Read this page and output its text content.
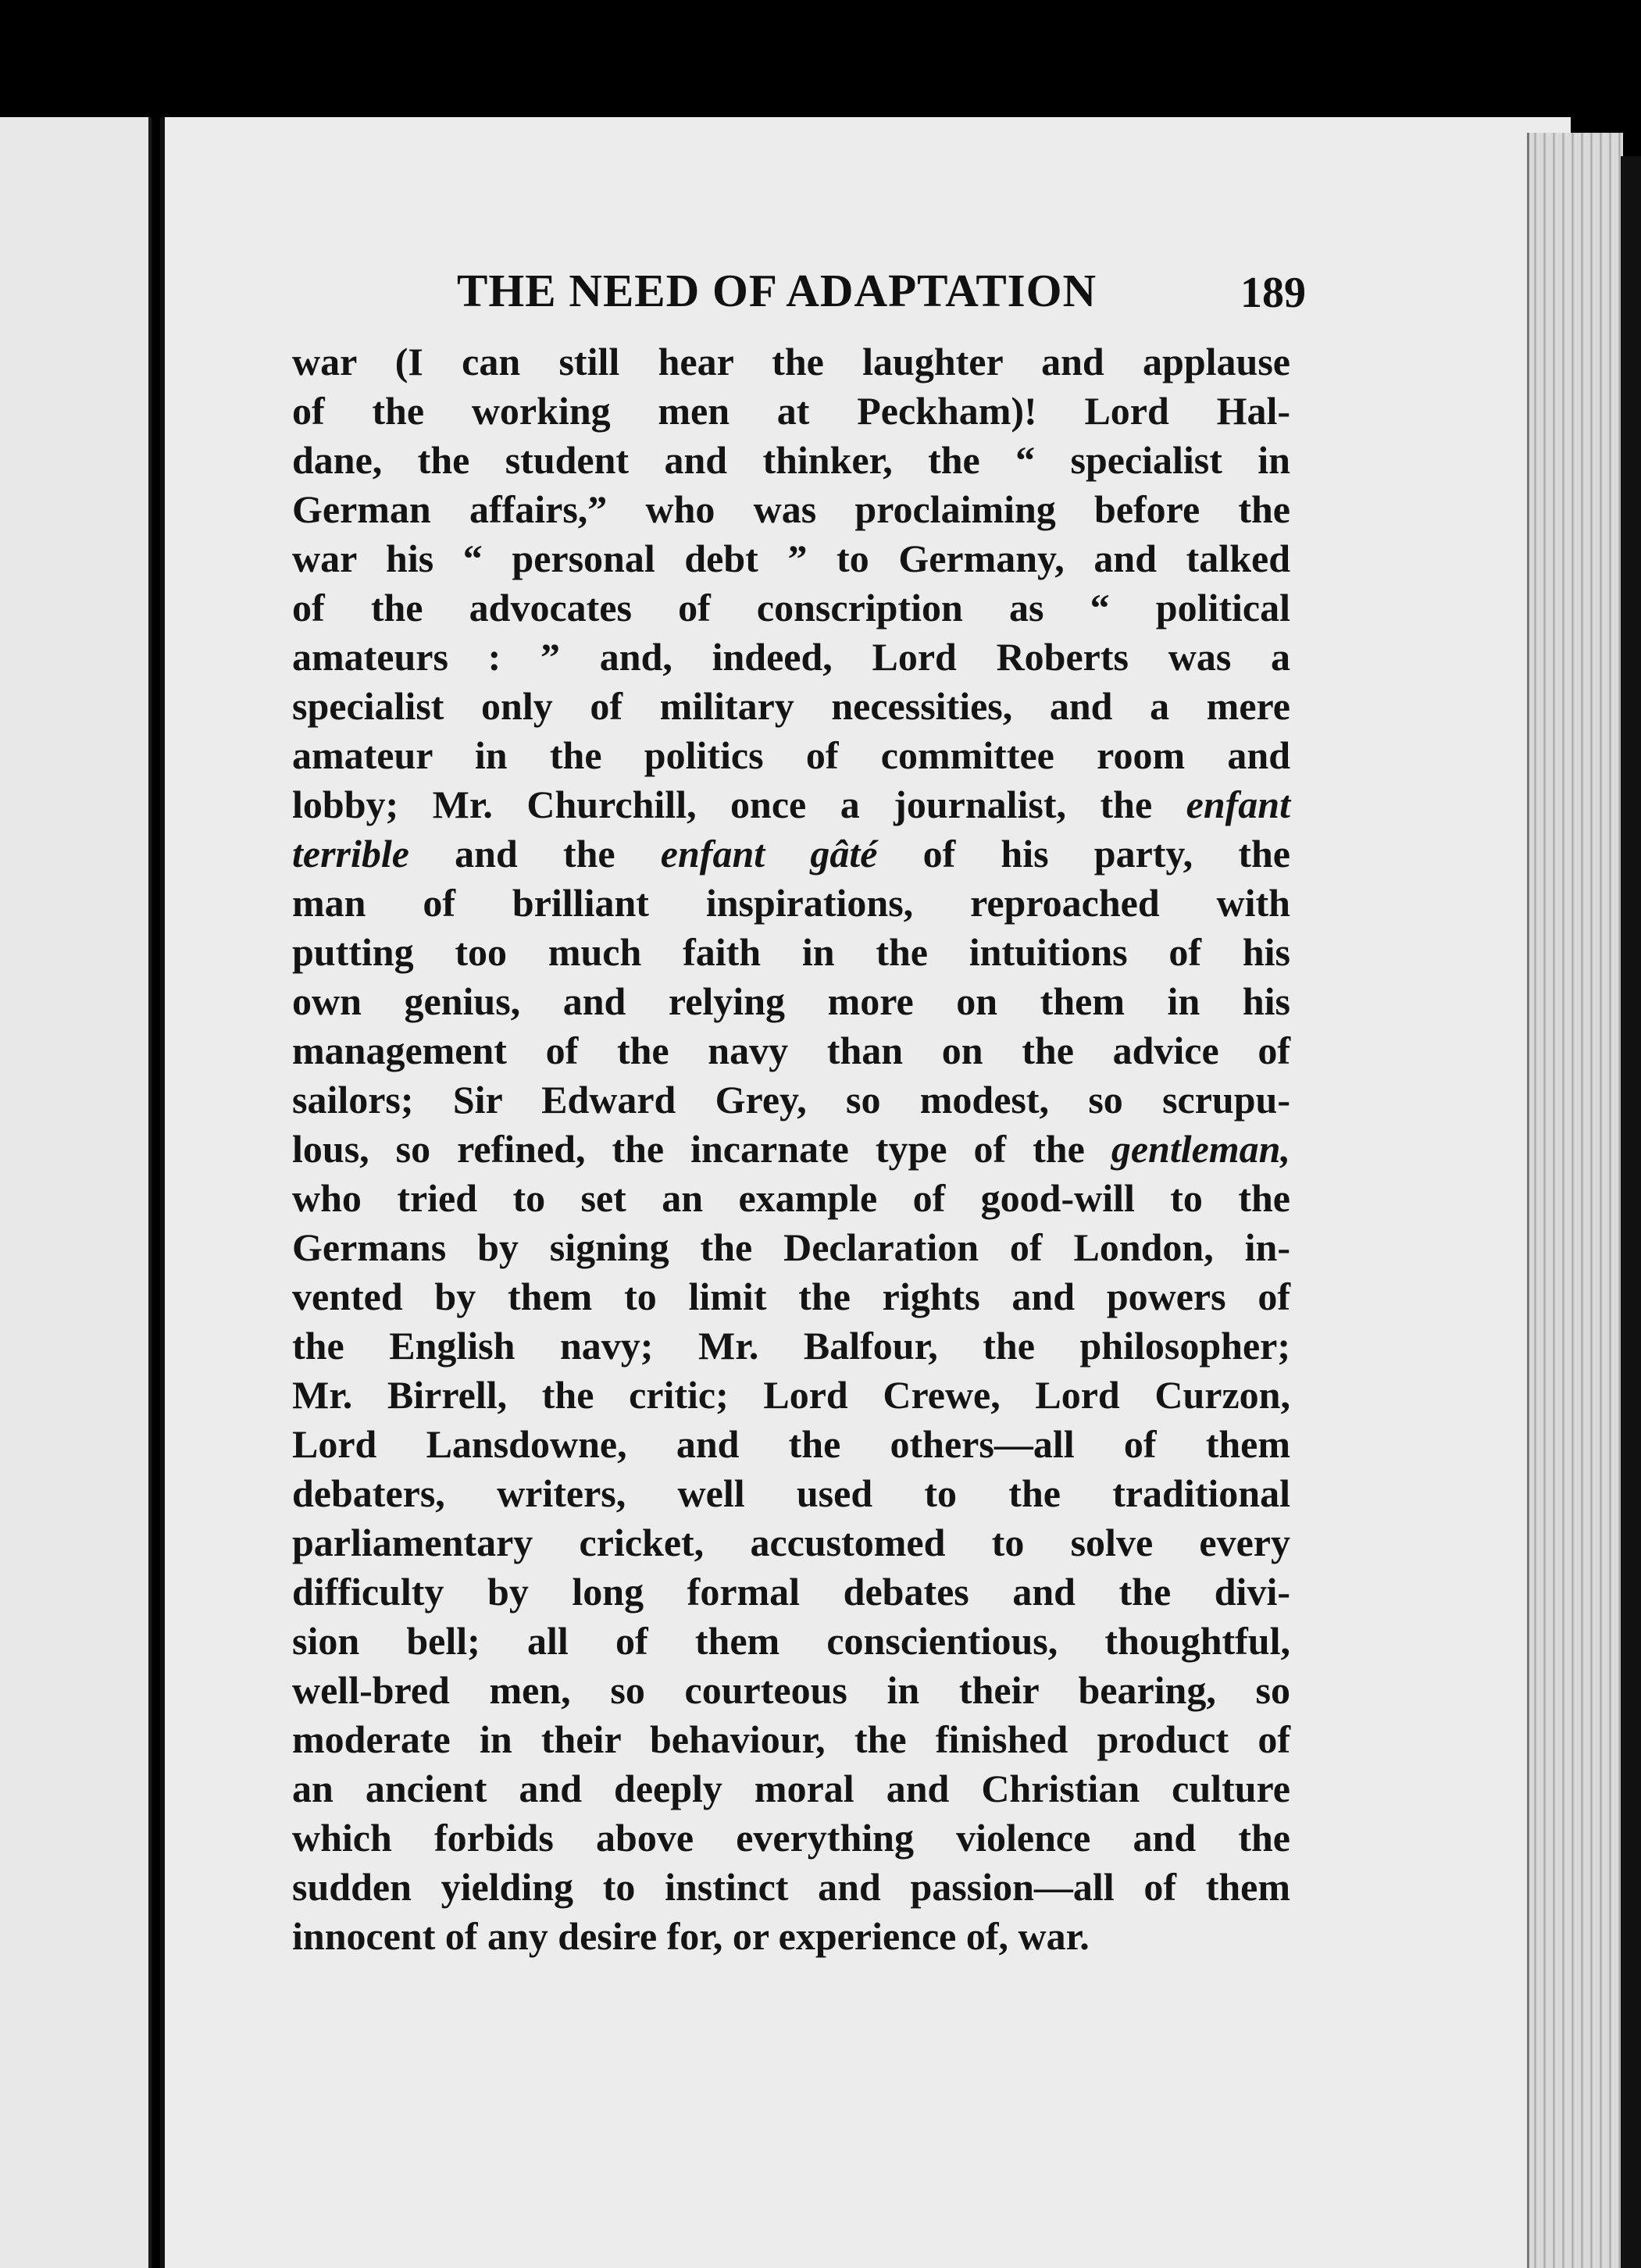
THE NEED OF ADAPTATION	189
war (I can still hear the laughter and applause
of the working men at Peckham)! Lord Hal-
dane, the student and thinker, the “ specialist in
German affairs,” who was proclaiming before the
war his “ personal debt ” to Germany, and talked
of the advocates of conscription as “ political
amateurs : ” and, indeed, Lord Roberts was a
specialist only of military necessities, and a mere
amateur in the politics of committee room and
lobby; Mr. Churchill, once a journalist, the enfant
terrible and the enfant gâté of his party, the
man of brilliant inspirations, reproached with
putting too much faith in the intuitions of his
own genius, and relying more on them in his
management of the navy than on the advice of
sailors; Sir Edward Grey, so modest, so scrupu-
lous, so refined, the incarnate type of the gentleman,
who tried to set an example of good-will to the
Germans by signing the Declaration of London, in-
vented by them to limit the rights and powers of
the English navy; Mr. Balfour, the philosopher;
Mr. Birrell, the critic; Lord Crewe, Lord Curzon,
Lord Lansdowne, and the others—all of them
debaters, writers, well used to the traditional
parliamentary cricket, accustomed to solve every
difficulty by long formal debates and the divi-
sion bell; all of them conscientious, thoughtful,
well-bred men, so courteous in their bearing, so
moderate in their behaviour, the finished product of
an ancient and deeply moral and Christian culture
which forbids above everything violence and the
sudden yielding to instinct and passion—all of them
innocent of any desire for, or experience of, war.
